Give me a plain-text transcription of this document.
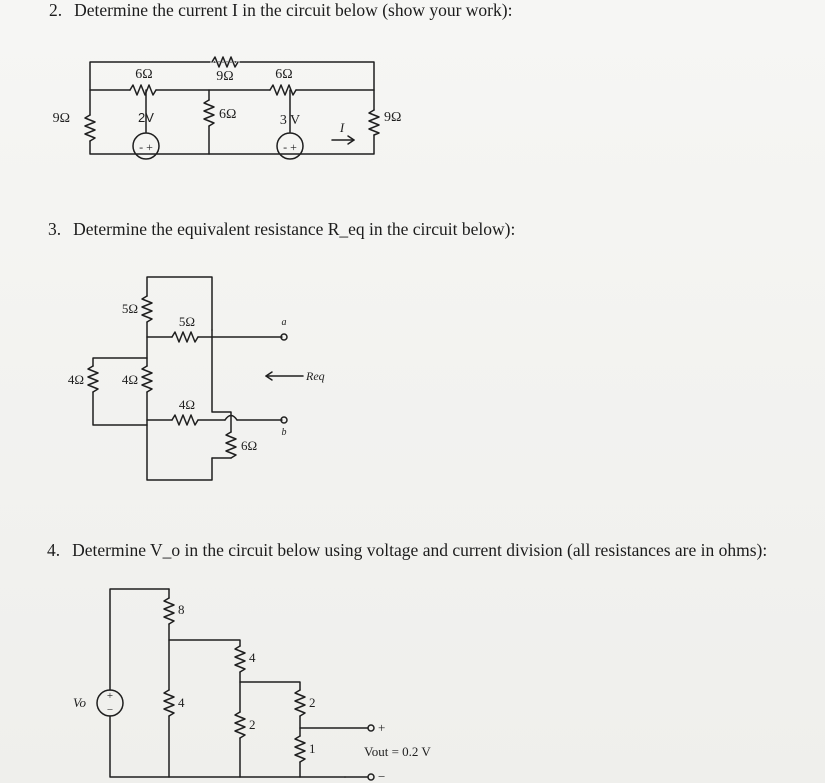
2. Determine the current I in the circuit below (show your work):
3. Determine the equivalent resistance R_eq in the circuit below):
4. Determine V_o in the circuit below using voltage and current division (all resistances are in ohms):
9Ω
6Ω	9Ω	6Ω
6Ω	9Ω
2V	3 V
- +	- +
I
5Ω
5Ω
4Ω	4Ω
4Ω
6Ω
a
b
Req
+
−
Vo
8
4
4
2
2
1
+
−
Vout = 0.2 V
